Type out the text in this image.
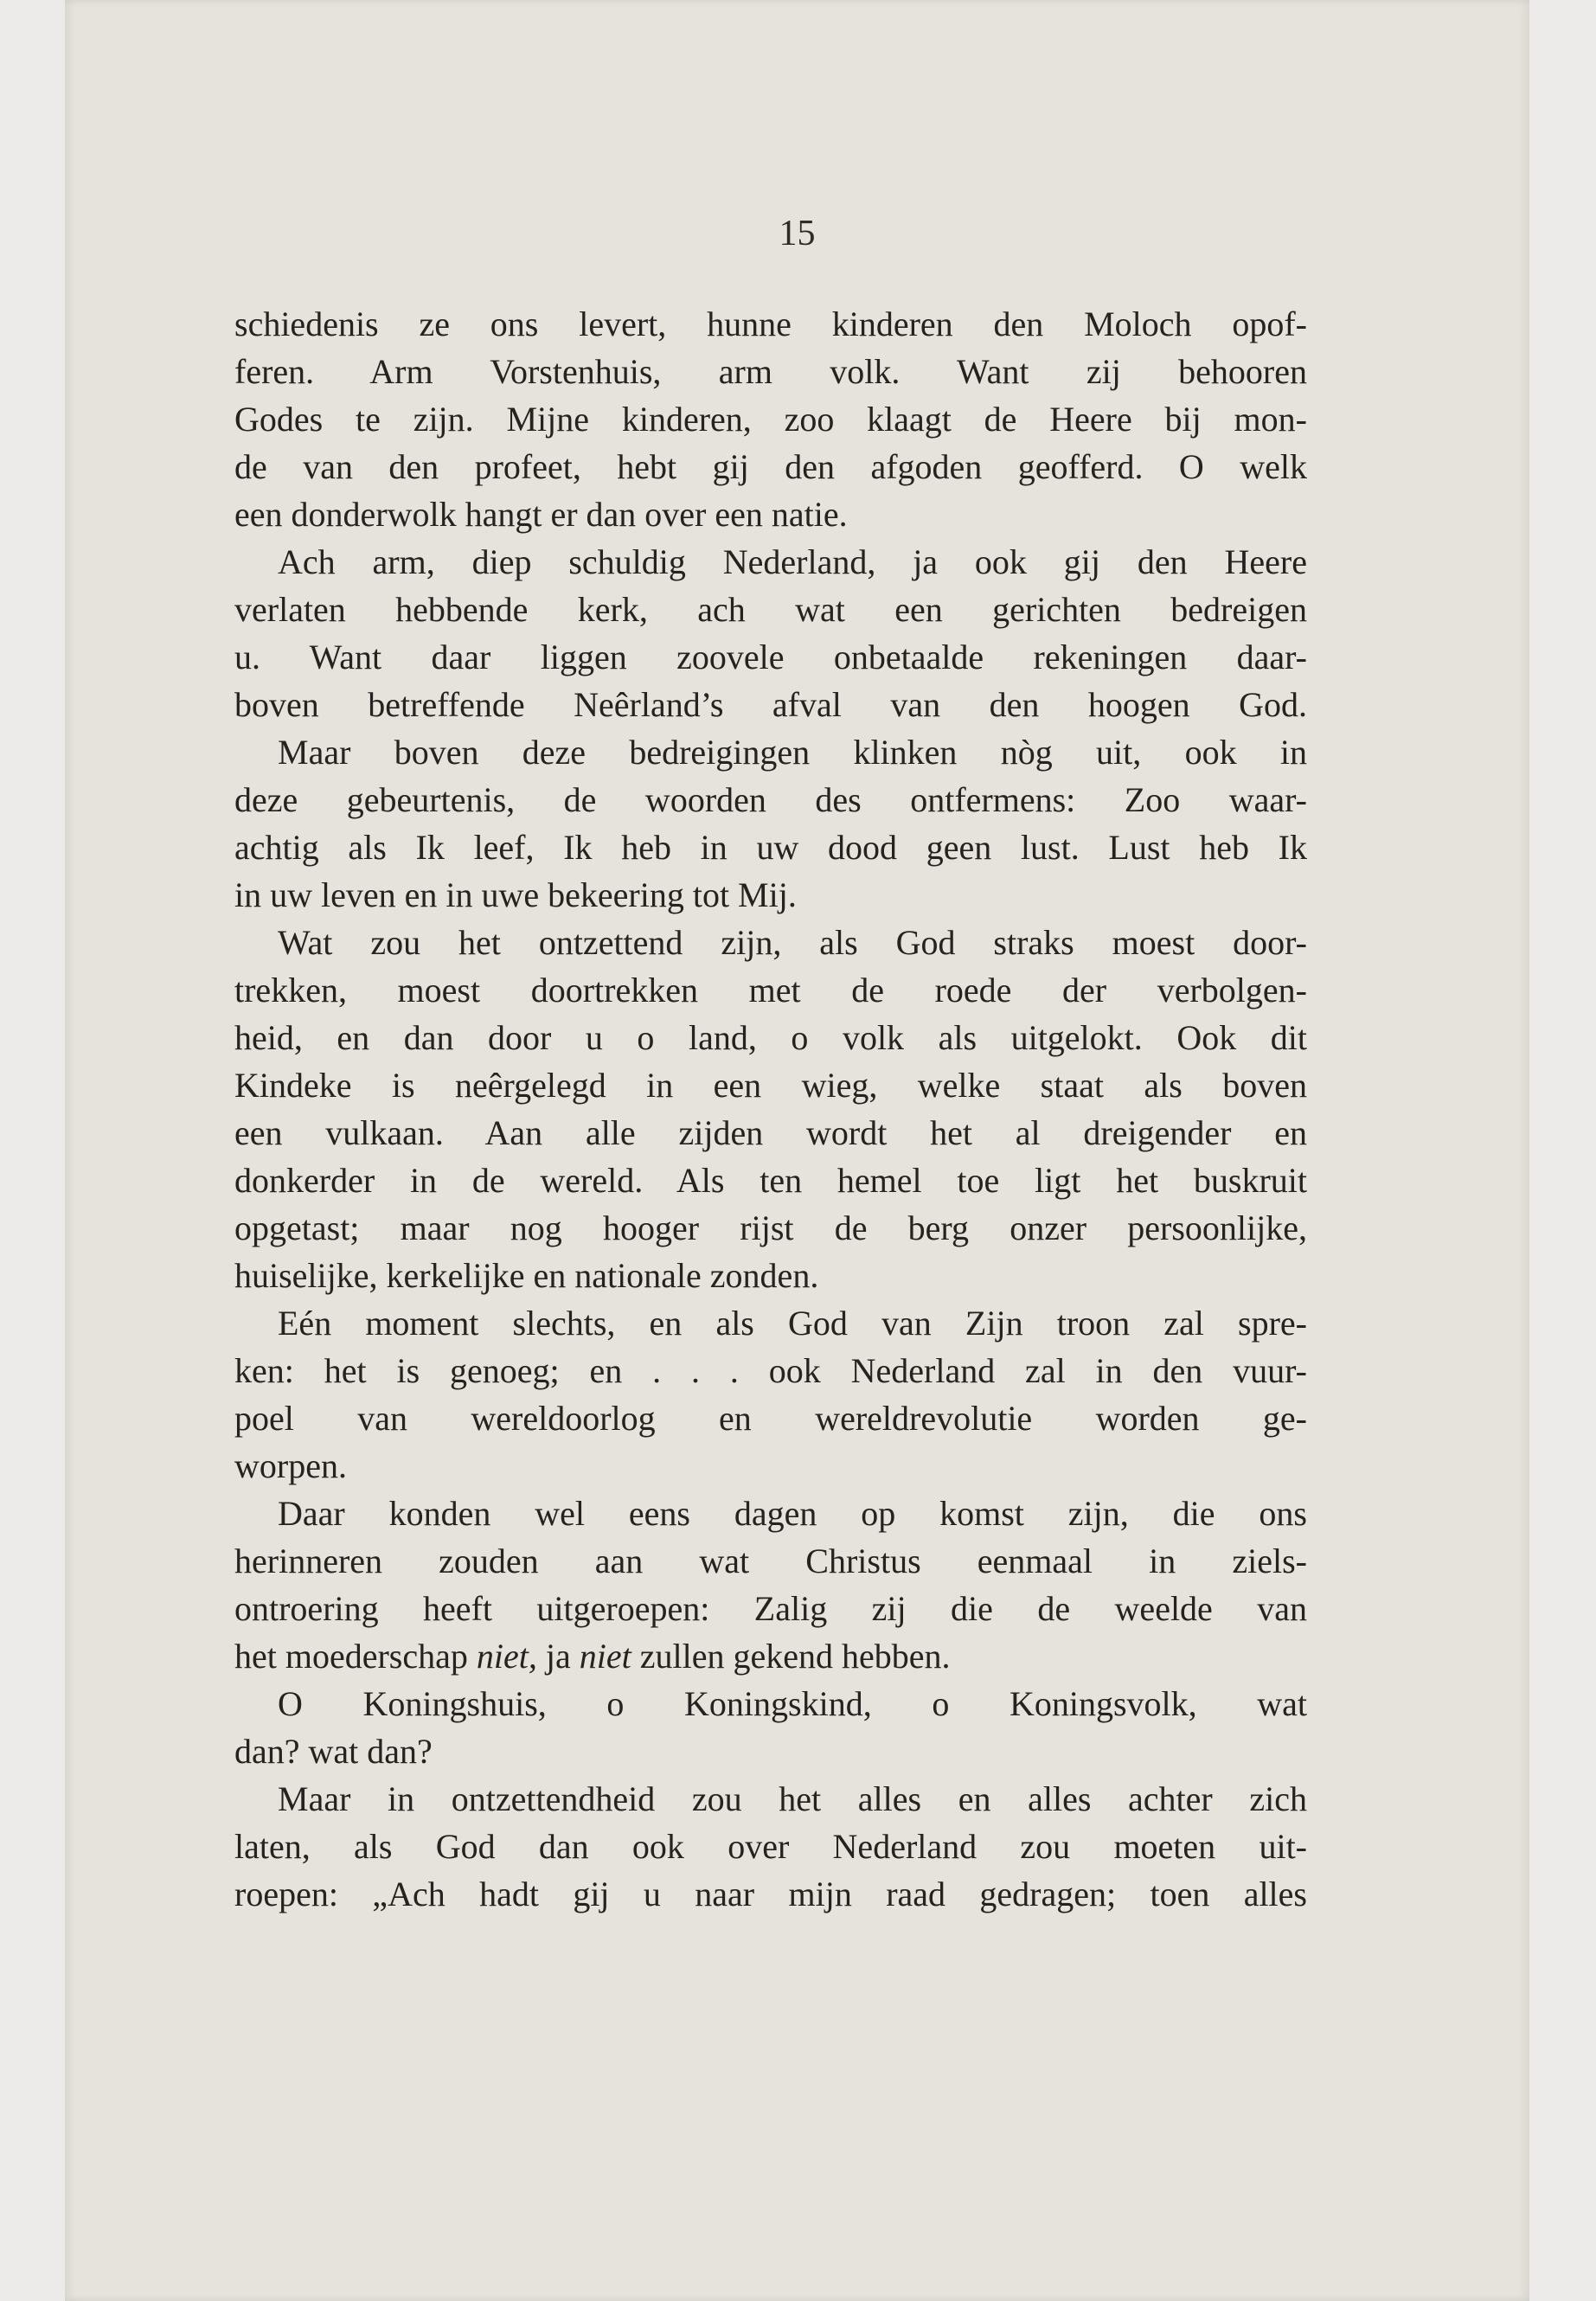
15
schiedenis ze ons levert, hunne kinderen den Moloch opof-
feren. Arm Vorstenhuis, arm volk. Want zij behooren
Godes te zijn. Mijne kinderen, zoo klaagt de Heere bij mon-
de van den profeet, hebt gij den afgoden geofferd. O welk
een donderwolk hangt er dan over een natie.
Ach arm, diep schuldig Nederland, ja ook gij den Heere
verlaten hebbende kerk, ach wat een gerichten bedreigen
u. Want daar liggen zoovele onbetaalde rekeningen daar-
boven betreffende Neêrland’s afval van den hoogen God.
Maar boven deze bedreigingen klinken nòg uit, ook in
deze gebeurtenis, de woorden des ontfermens: Zoo waar-
achtig als Ik leef, Ik heb in uw dood geen lust. Lust heb Ik
in uw leven en in uwe bekeering tot Mij.
Wat zou het ontzettend zijn, als God straks moest door-
trekken, moest doortrekken met de roede der verbolgen-
heid, en dan door u o land, o volk als uitgelokt. Ook dit
Kindeke is neêrgelegd in een wieg, welke staat als boven
een vulkaan. Aan alle zijden wordt het al dreigender en
donkerder in de wereld. Als ten hemel toe ligt het buskruit
opgetast; maar nog hooger rijst de berg onzer persoonlijke,
huiselijke, kerkelijke en nationale zonden.
Eén moment slechts, en als God van Zijn troon zal spre-
ken: het is genoeg; en . . . ook Nederland zal in den vuur-
poel van wereldoorlog en wereldrevolutie worden ge-
worpen.
Daar konden wel eens dagen op komst zijn, die ons
herinneren zouden aan wat Christus eenmaal in ziels-
ontroering heeft uitgeroepen: Zalig zij die de weelde van
het moederschap niet, ja niet zullen gekend hebben.
O Koningshuis, o Koningskind, o Koningsvolk, wat
dan? wat dan?
Maar in ontzettendheid zou het alles en alles achter zich
laten, als God dan ook over Nederland zou moeten uit-
roepen: „Ach hadt gij u naar mijn raad gedragen; toen alles
